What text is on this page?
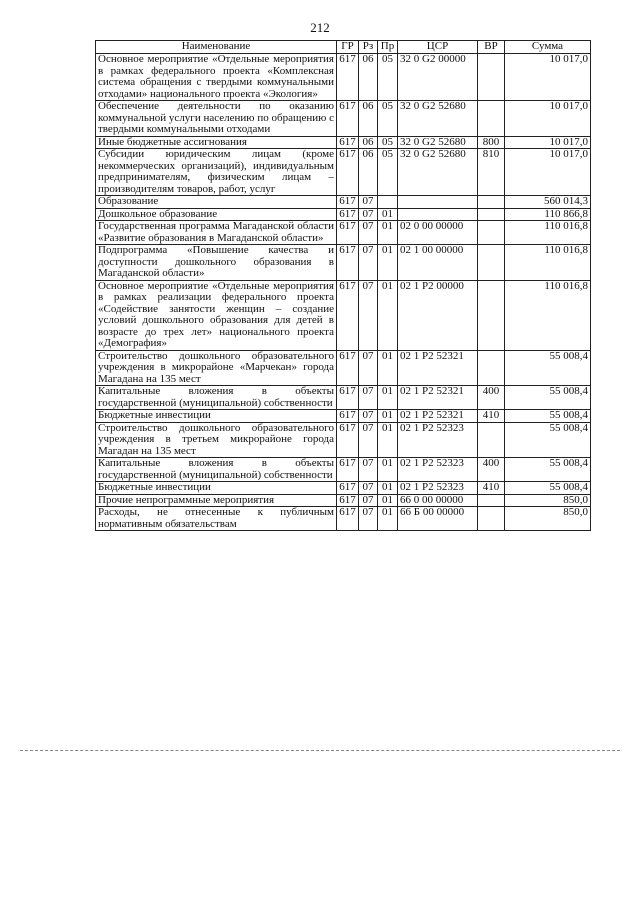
212
Наименование	ГР	Рз	Пр	ЦСР	ВР	Сумма
Основное мероприятие «Отдельные мероприятия в рамках федерального проекта «Комплексная система обращения с твердыми коммунальными отходами» национального проекта «Экология»	617	06	05	32 0 G2 00000		10 017,0
Обеспечение деятельности по оказанию коммунальной услуги населению по обращению с твердыми коммунальными отходами	617	06	05	32 0 G2 52680		10 017,0
Иные бюджетные ассигнования	617	06	05	32 0 G2 52680	800	10 017,0
Субсидии юридическим лицам (кроме некоммерческих организаций), индивидуальным предпринимателям, физическим лицам – производителям товаров, работ, услуг	617	06	05	32 0 G2 52680	810	10 017,0
Образование	617	07				560 014,3
Дошкольное образование	617	07	01			110 866,8
Государственная программа Магаданской области «Развитие образования в Магаданской области»	617	07	01	02 0 00 00000		110 016,8
Подпрограмма «Повышение качества и доступности дошкольного образования в Магаданской области»	617	07	01	02 1 00 00000		110 016,8
Основное мероприятие «Отдельные мероприятия в рамках реализации федерального проекта «Содействие занятости женщин – создание условий дошкольного образования для детей в возрасте до трех лет» национального проекта «Демография»	617	07	01	02 1 P2 00000		110 016,8
Строительство дошкольного образовательного учреждения в микрорайоне «Марчекан» города Магадана на 135 мест	617	07	01	02 1 P2 52321		55 008,4
Капитальные вложения в объекты государственной (муниципальной) собственности	617	07	01	02 1 P2 52321	400	55 008,4
Бюджетные инвестиции	617	07	01	02 1 P2 52321	410	55 008,4
Строительство дошкольного образовательного учреждения в третьем микрорайоне города Магадан на 135 мест	617	07	01	02 1 P2 52323		55 008,4
Капитальные вложения в объекты государственной (муниципальной) собственности	617	07	01	02 1 P2 52323	400	55 008,4
Бюджетные инвестиции	617	07	01	02 1 P2 52323	410	55 008,4
Прочие непрограммные мероприятия	617	07	01	66 0 00 00000		850,0
Расходы, не отнесенные к публичным нормативным обязательствам	617	07	01	66 Б 00 00000		850,0
